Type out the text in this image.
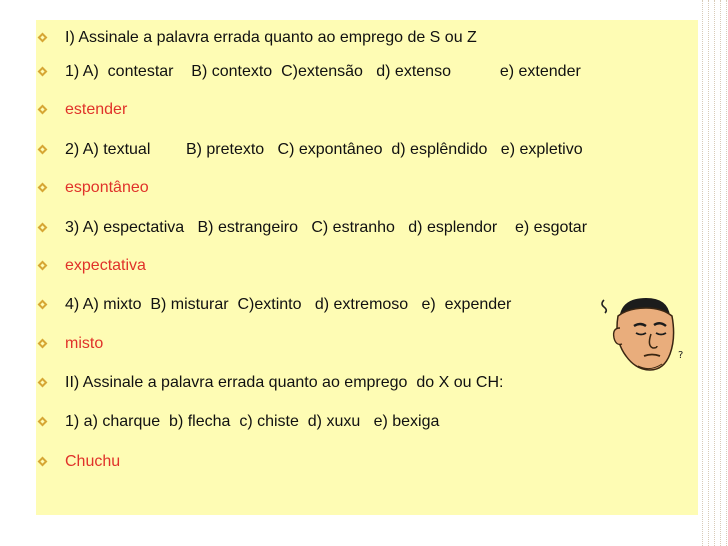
I) Assinale a palavra errada quanto ao emprego de S ou Z
1) A)  contestar    B) contexto  C)extensão   d) extenso           e) extender
estender
2) A) textual        B) pretexto   C) expontâneo  d) esplêndido   e) expletivo
espontâneo
3) A) espectativa   B) estrangeiro   C) estranho   d) esplendor    e) esgotar
expectativa
4) A) mixto  B) misturar  C)extinto   d) extremoso   e)  expender
misto
II) Assinale a palavra errada quanto ao emprego  do X ou CH:
1) a) charque  b) flecha  c) chiste  d) xuxu   e) bexiga
Chuchu
?
